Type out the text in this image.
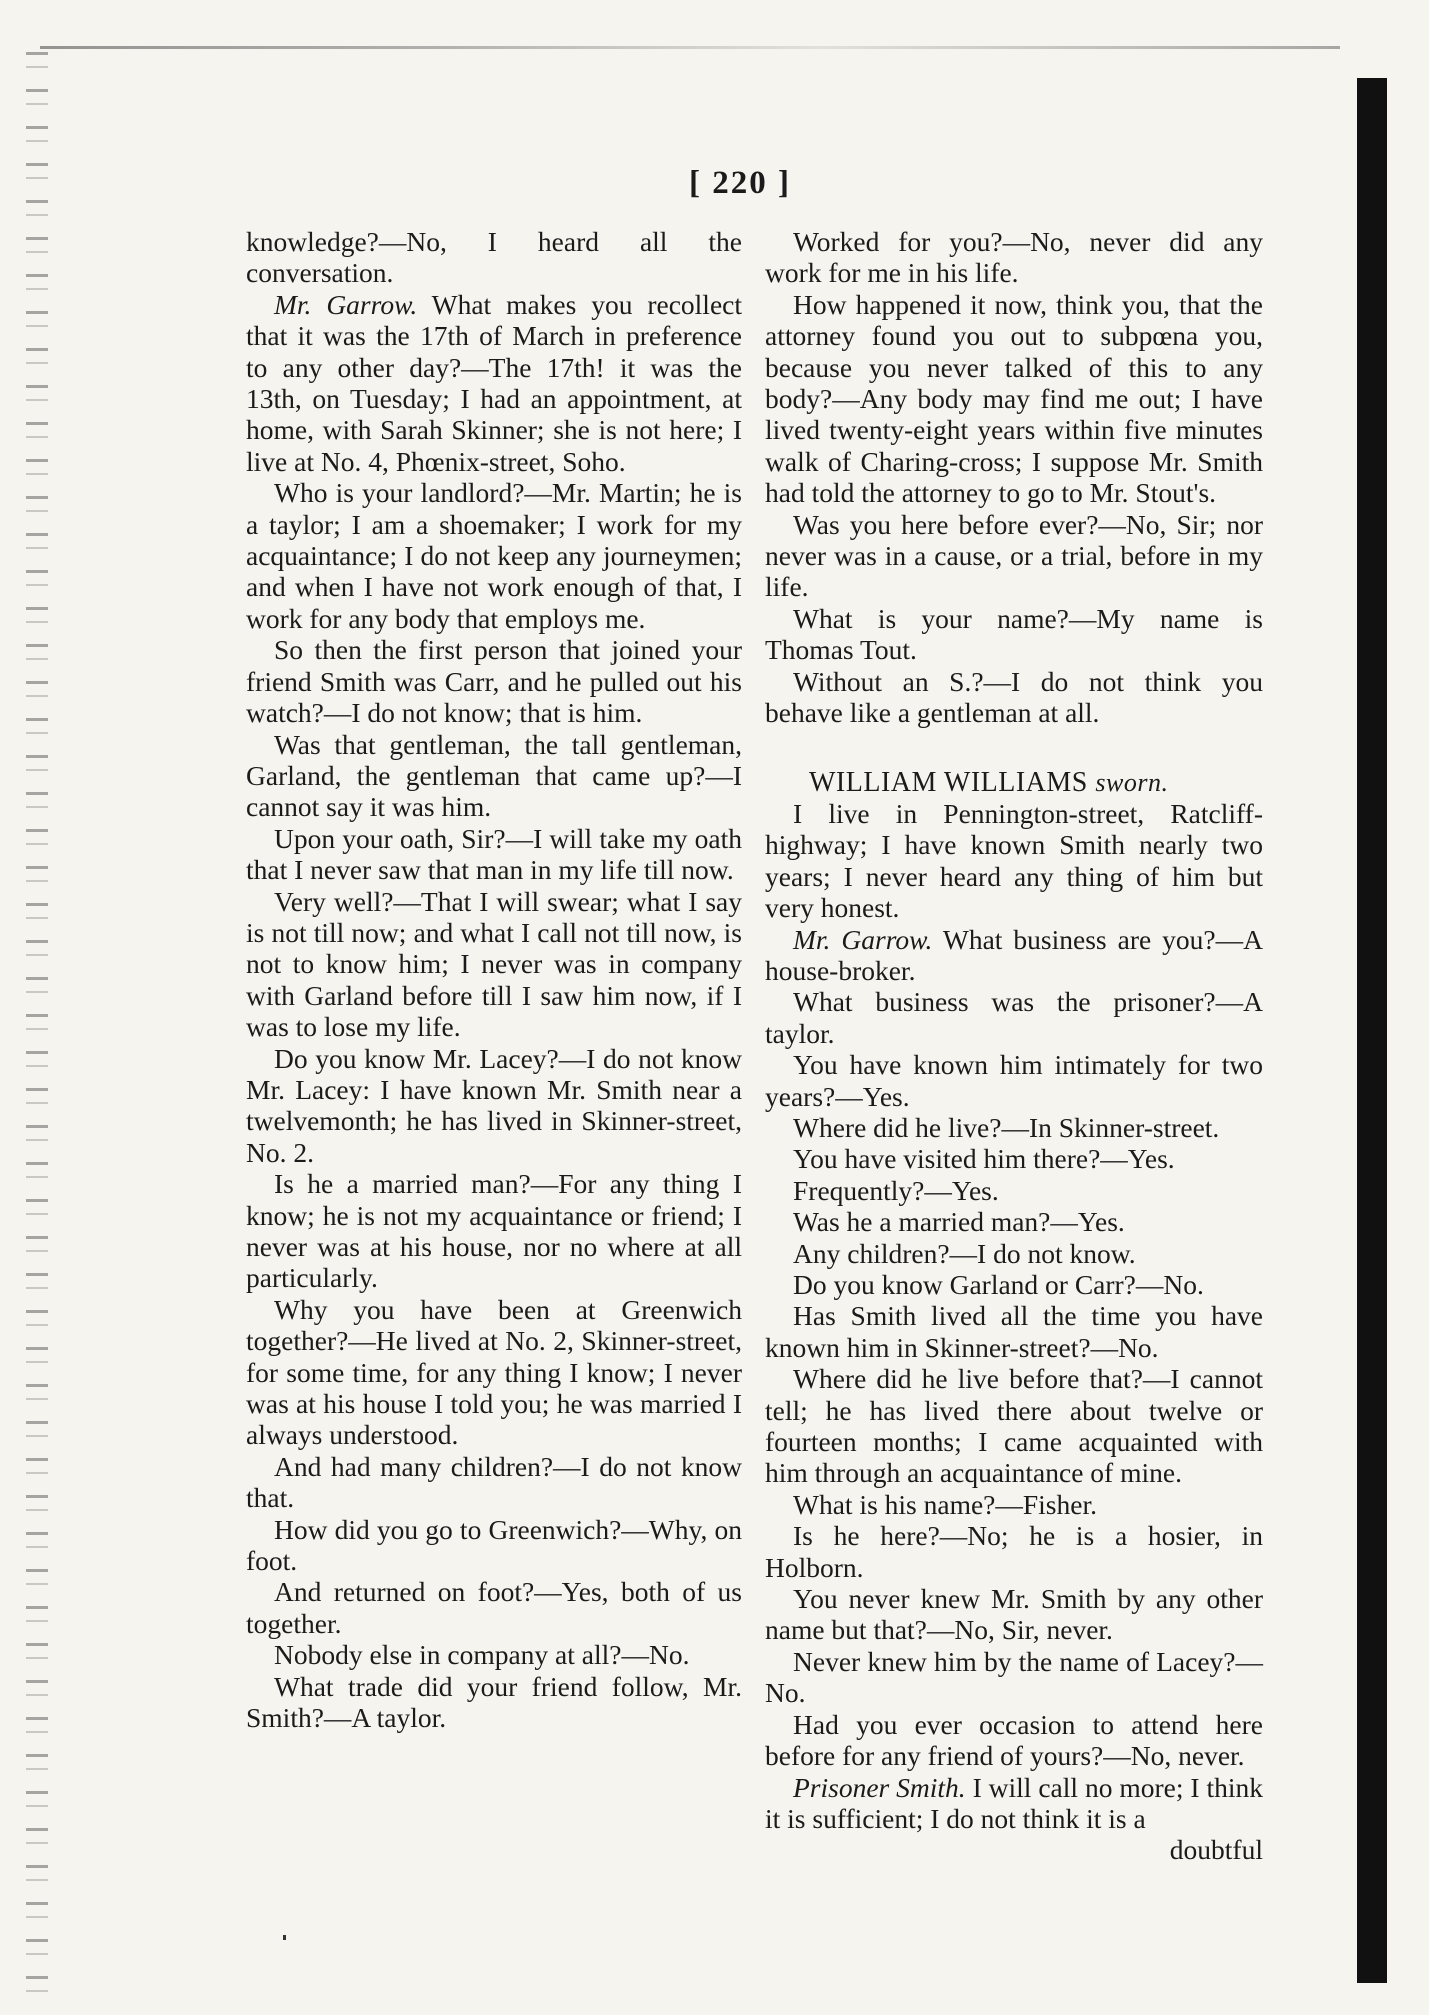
[ 220 ]

knowledge?—No, I heard all the conversation.

Mr. Garrow. What makes you recollect that it was the 17th of March in preference to any other day?—The 17th! it was the 13th, on Tuesday; I had an appointment, at home, with Sarah Skinner; she is not here; I live at No. 4, Phœnix-street, Soho.

Who is your landlord?—Mr. Martin; he is a taylor; I am a shoemaker; I work for my acquaintance; I do not keep any journeymen; and when I have not work enough of that, I work for any body that employs me.

So then the first person that joined your friend Smith was Carr, and he pulled out his watch?—I do not know; that is him.

Was that gentleman, the tall gentleman, Garland, the gentleman that came up?—I cannot say it was him.

Upon your oath, Sir?—I will take my oath that I never saw that man in my life till now.

Very well?—That I will swear; what I say is not till now; and what I call not till now, is not to know him; I never was in company with Garland before till I saw him now, if I was to lose my life.

Do you know Mr. Lacey?—I do not know Mr. Lacey: I have known Mr. Smith near a twelvemonth; he has lived in Skinner-street, No. 2.

Is he a married man?—For any thing I know; he is not my acquaintance or friend; I never was at his house, nor no where at all particularly.

Why you have been at Greenwich together?—He lived at No. 2, Skinner-street, for some time, for any thing I know; I never was at his house I told you; he was married I always understood.

And had many children?—I do not know that.

How did you go to Greenwich?—Why, on foot.

And returned on foot?—Yes, both of us together.

Nobody else in company at all?—No.

What trade did your friend follow, Mr. Smith?—A taylor.

Worked for you?—No, never did any work for me in his life.

How happened it now, think you, that the attorney found you out to subpœna you, because you never talked of this to any body?—Any body may find me out; I have lived twenty-eight years within five minutes walk of Charing-cross; I suppose Mr. Smith had told the attorney to go to Mr. Stout's.

Was you here before ever?—No, Sir; nor never was in a cause, or a trial, before in my life.

What is your name?—My name is Thomas Tout.

Without an S.?—I do not think you behave like a gentleman at all.

WILLIAM WILLIAMS sworn.

I live in Pennington-street, Ratcliff-highway; I have known Smith nearly two years; I never heard any thing of him but very honest.

Mr. Garrow. What business are you?—A house-broker.

What business was the prisoner?—A taylor.

You have known him intimately for two years?—Yes.

Where did he live?—In Skinner-street.

You have visited him there?—Yes.

Frequently?—Yes.

Was he a married man?—Yes.

Any children?—I do not know.

Do you know Garland or Carr?—No.

Has Smith lived all the time you have known him in Skinner-street?—No.

Where did he live before that?—I cannot tell; he has lived there about twelve or fourteen months; I came acquainted with him through an acquaintance of mine.

What is his name?—Fisher.

Is he here?—No; he is a hosier, in Holborn.

You never knew Mr. Smith by any other name but that?—No, Sir, never.

Never knew him by the name of Lacey?—No.

Had you ever occasion to attend here before for any friend of yours?—No, never.

Prisoner Smith. I will call no more; I think it is sufficient; I do not think it is a

doubtful
